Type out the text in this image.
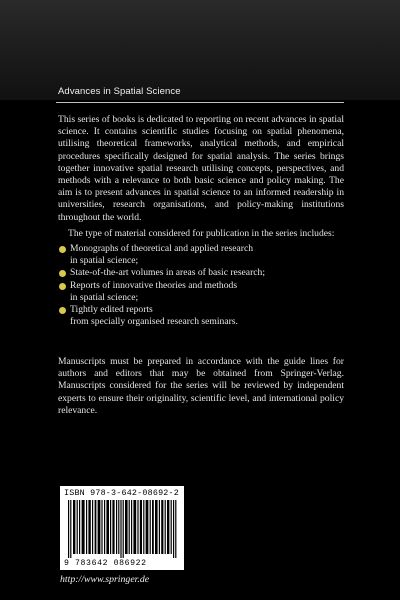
Advances in Spatial Science

This series of books is dedicated to reporting on recent advances in spatial science. It contains scientific studies focusing on spatial phenomena, utilising theoretical frameworks, analytical methods, and empirical procedures specifically designed for spatial analysis. The series brings together innovative spatial research utilising concepts, perspectives, and methods with a relevance to both basic science and policy making. The aim is to present advances in spatial science to an informed readership in universities, research organisations, and policy-making institutions throughout the world.

The type of material considered for publication in the series includes:

Monographs of theoretical and applied research
in spatial science;
State-of-the-art volumes in areas of basic research;
Reports of innovative theories and methods
in spatial science;
Tightly edited reports
from specially organised research seminars.

Manuscripts must be prepared in accordance with the guide lines for authors and editors that may be obtained from Springer-Verlag. Manuscripts considered for the series will be reviewed by independent experts to ensure their originality, scientific level, and international policy relevance.

ISBN 978-3-642-08692-2
9 783642 086922
http://www.springer.de
